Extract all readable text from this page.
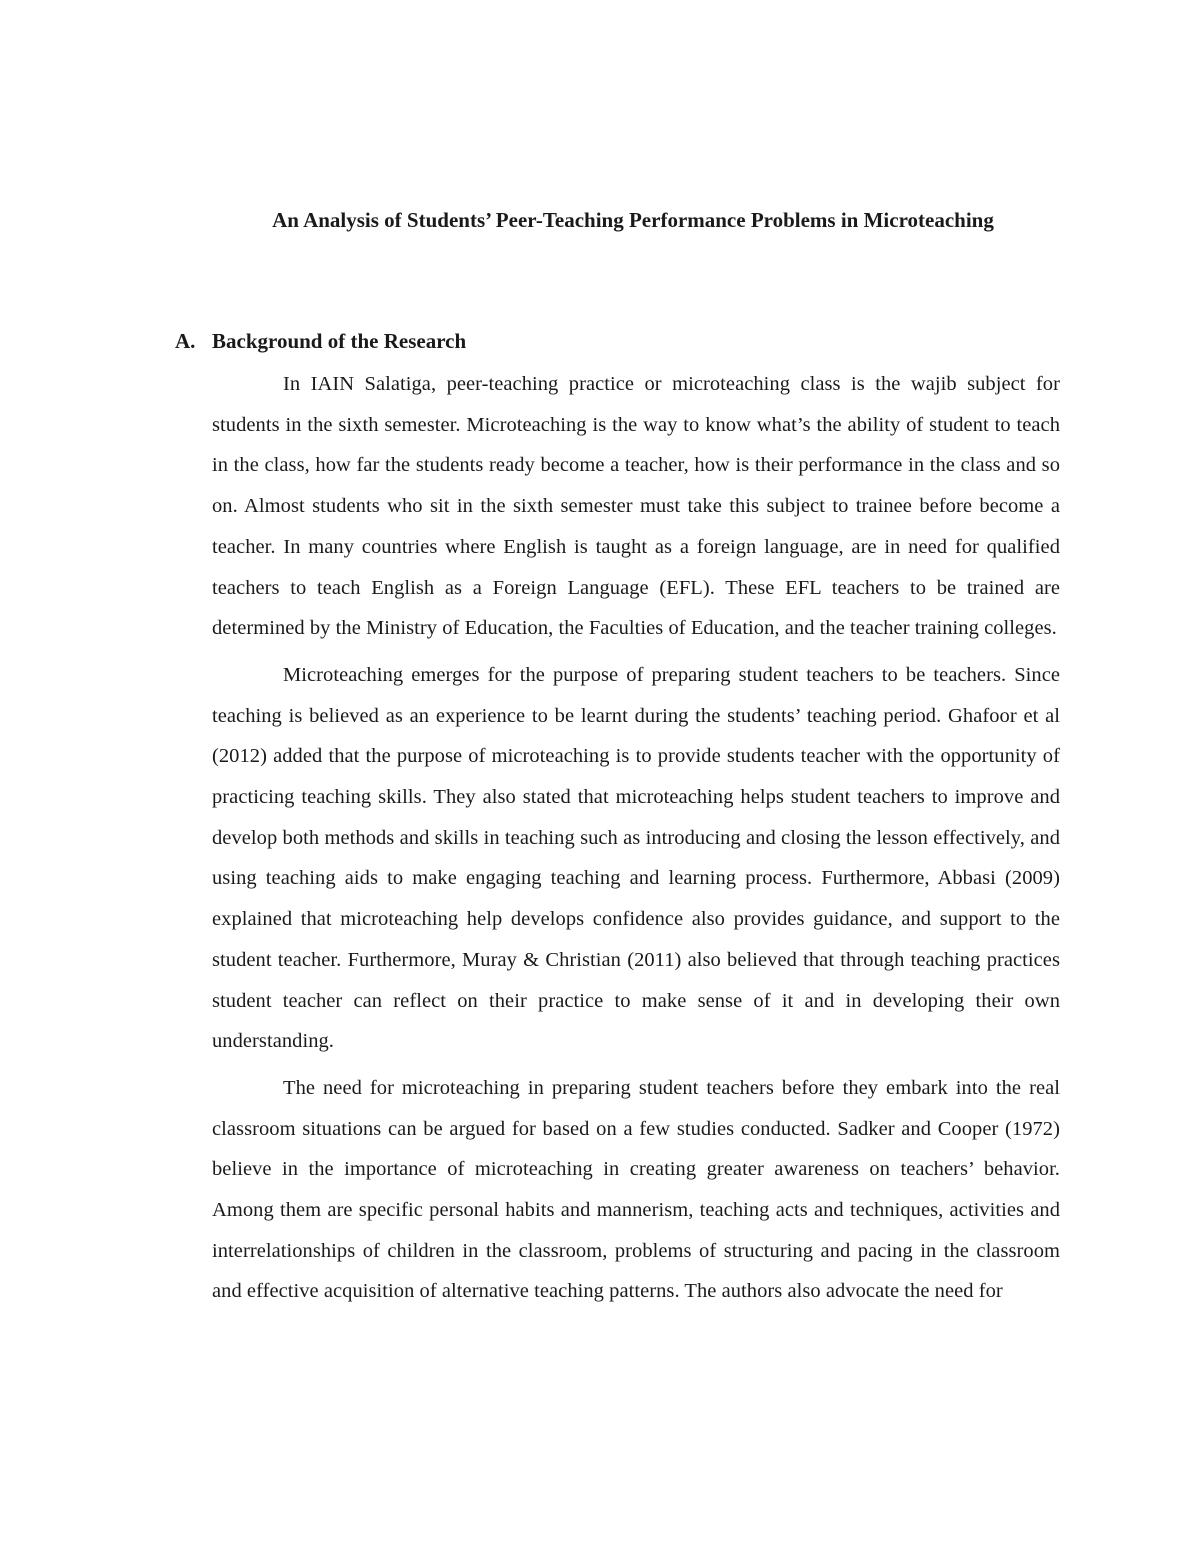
An Analysis of Students’ Peer-Teaching Performance Problems in Microteaching
A. Background of the Research

In IAIN Salatiga, peer-teaching practice or microteaching class is the wajib subject for students in the sixth semester. Microteaching is the way to know what’s the ability of student to teach in the class, how far the students ready become a teacher, how is their performance in the class and so on. Almost students who sit in the sixth semester must take this subject to trainee before become a teacher. In many countries where English is taught as a foreign language, are in need for qualified teachers to teach English as a Foreign Language (EFL). These EFL teachers to be trained are determined by the Ministry of Education, the Faculties of Education, and the teacher training colleges.

Microteaching emerges for the purpose of preparing student teachers to be teachers. Since teaching is believed as an experience to be learnt during the students’ teaching period. Ghafoor et al (2012) added that the purpose of microteaching is to provide students teacher with the opportunity of practicing teaching skills. They also stated that microteaching helps student teachers to improve and develop both methods and skills in teaching such as introducing and closing the lesson effectively, and using teaching aids to make engaging teaching and learning process. Furthermore, Abbasi (2009) explained that microteaching help develops confidence also provides guidance, and support to the student teacher. Furthermore, Muray & Christian (2011) also believed that through teaching practices student teacher can reflect on their practice to make sense of it and in developing their own understanding.

The need for microteaching in preparing student teachers before they embark into the real classroom situations can be argued for based on a few studies conducted. Sadker and Cooper (1972) believe in the importance of microteaching in creating greater awareness on teachers’ behavior. Among them are specific personal habits and mannerism, teaching acts and techniques, activities and interrelationships of children in the classroom, problems of structuring and pacing in the classroom and effective acquisition of alternative teaching patterns. The authors also advocate the need for
